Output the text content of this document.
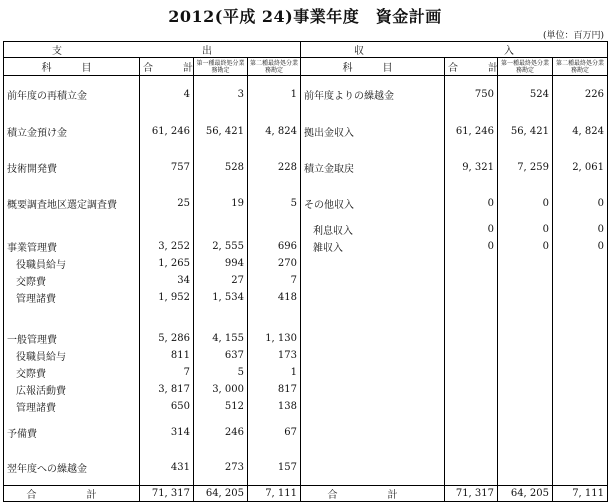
2012(平成 24)事業年度　資金計画
(単位：百万円)
支　　出				収　　入			
科　目	合　計	第一種最終処分業務勘定	第二種最終処分業務勘定	科　目	合　計	第一種最終処分業務勘定	第二種最終処分業務勘定
前年度の再積立金	4	3	1	前年度よりの繰越金	750	524	226
積立金預け金	61, 246	56, 421	4, 824	拠出金収入	61, 246	56, 421	4, 824
技術開発費	757	528	228	積立金取戻	9, 321	7, 259	2, 061
概要調査地区選定調査費	25	19	5	その他収入	0	0	0
				利息収入	0	0	0
事業管理費	3, 252	2, 555	696	雑収入	0	0	0
役職員給与	1, 265	994	270				
交際費	34	27	7				
管理諸費	1, 952	1, 534	418				

一般管理費	5, 286	4, 155	1, 130				
役職員給与	811	637	173				
交際費	7	5	1				
広報活動費	3, 817	3, 000	817				
管理諸費	650	512	138				
予備費	314	246	67				
翌年度への繰越金	431	273	157				
合　計	71, 317	64, 205	7, 111	合　計	71, 317	64, 205	7, 111
